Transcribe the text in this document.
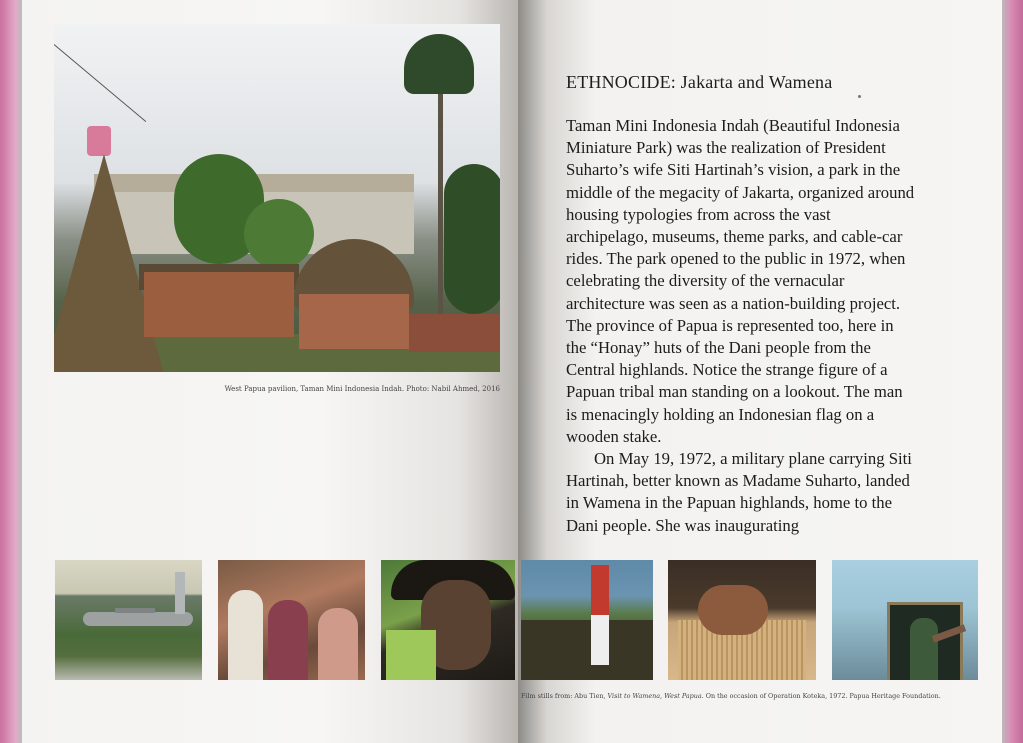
West Papua pavilion, Taman Mini Indonesia Indah. Photo: Nabil Ahmed, 2016
ETHNOCIDE: Jakarta and Wamena

Taman Mini Indonesia Indah (Beautiful Indonesia Miniature Park) was the realization of President Suharto’s wife Siti Hartinah’s vision, a park in the middle of the megacity of Jakarta, organized around housing typologies from across the vast archipelago, museums, theme parks, and cable-car rides. The park opened to the public in 1972, when celebrating the diversity of the vernacular architecture was seen as a nation-building project. The province of Papua is represented too, here in the “Honay” huts of the Dani people from the Central highlands. Notice the strange figure of a Papuan tribal man standing on a lookout. The man is menacingly holding an Indonesian flag on a wooden stake.

On May 19, 1972, a military plane carrying Siti Hartinah, better known as Madame Suharto, landed in Wamena in the Papuan highlands, home to the Dani people. She was inaugurating

Film stills from: Abu Tien, Visit to Wamena, West Papua. On the occasion of Operation Koteka, 1972. Papua Heritage Foundation.
